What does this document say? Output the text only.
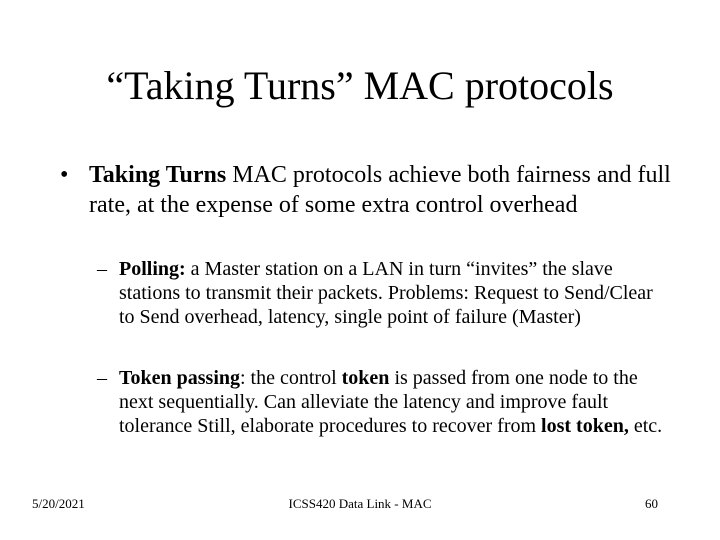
“Taking Turns” MAC protocols
• Taking Turns MAC protocols achieve both fairness and full rate, at the expense of some extra control overhead
– Polling: a Master station on a LAN in turn “invites” the slave stations to transmit their packets. Problems: Request to Send/Clear to Send overhead, latency, single point of failure (Master)
– Token passing: the control token is passed from one node to the next sequentially. Can alleviate the latency and improve fault tolerance Still, elaborate procedures to recover from lost token, etc.
5/20/2021	ICSS420 Data Link - MAC	60
